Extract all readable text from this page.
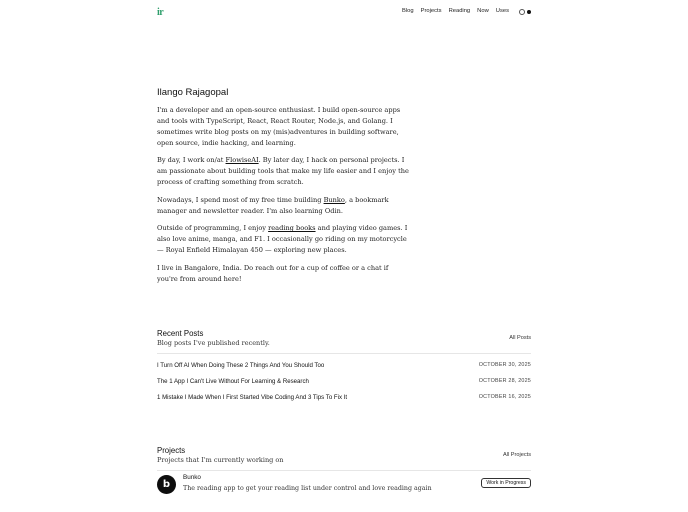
ir	Blog Projects Reading Now Uses
Ilango Rajagopal
I'm a developer and an open-source enthusiast. I build open-source apps and tools with TypeScript, React, React Router, Node.js, and Golang. I sometimes write blog posts on my (mis)adventures in building software, open source, indie hacking, and learning.
By day, I work on/at FlowiseAI. By later day, I hack on personal projects. I am passionate about building tools that make my life easier and I enjoy the process of crafting something from scratch.
Nowadays, I spend most of my free time building Bunko, a bookmark manager and newsletter reader. I'm also learning Odin.
Outside of programming, I enjoy reading books and playing video games. I also love anime, manga, and F1. I occasionally go riding on my motorcycle — Royal Enfield Himalayan 450 — exploring new places.
I live in Bangalore, India. Do reach out for a cup of coffee or a chat if you're from around here!
Recent Posts
Blog posts I've published recently.
All Posts
I Turn Off AI When Doing These 2 Things And You Should Too	OCTOBER 30, 2025
The 1 App I Can't Live Without For Learning & Research	OCTOBER 28, 2025
1 Mistake I Made When I First Started Vibe Coding And 3 Tips To Fix It	OCTOBER 16, 2025
Projects
Projects that I'm currently working on
All Projects
b
Bunko
The reading app to get your reading list under control and love reading again
Work in Progress
